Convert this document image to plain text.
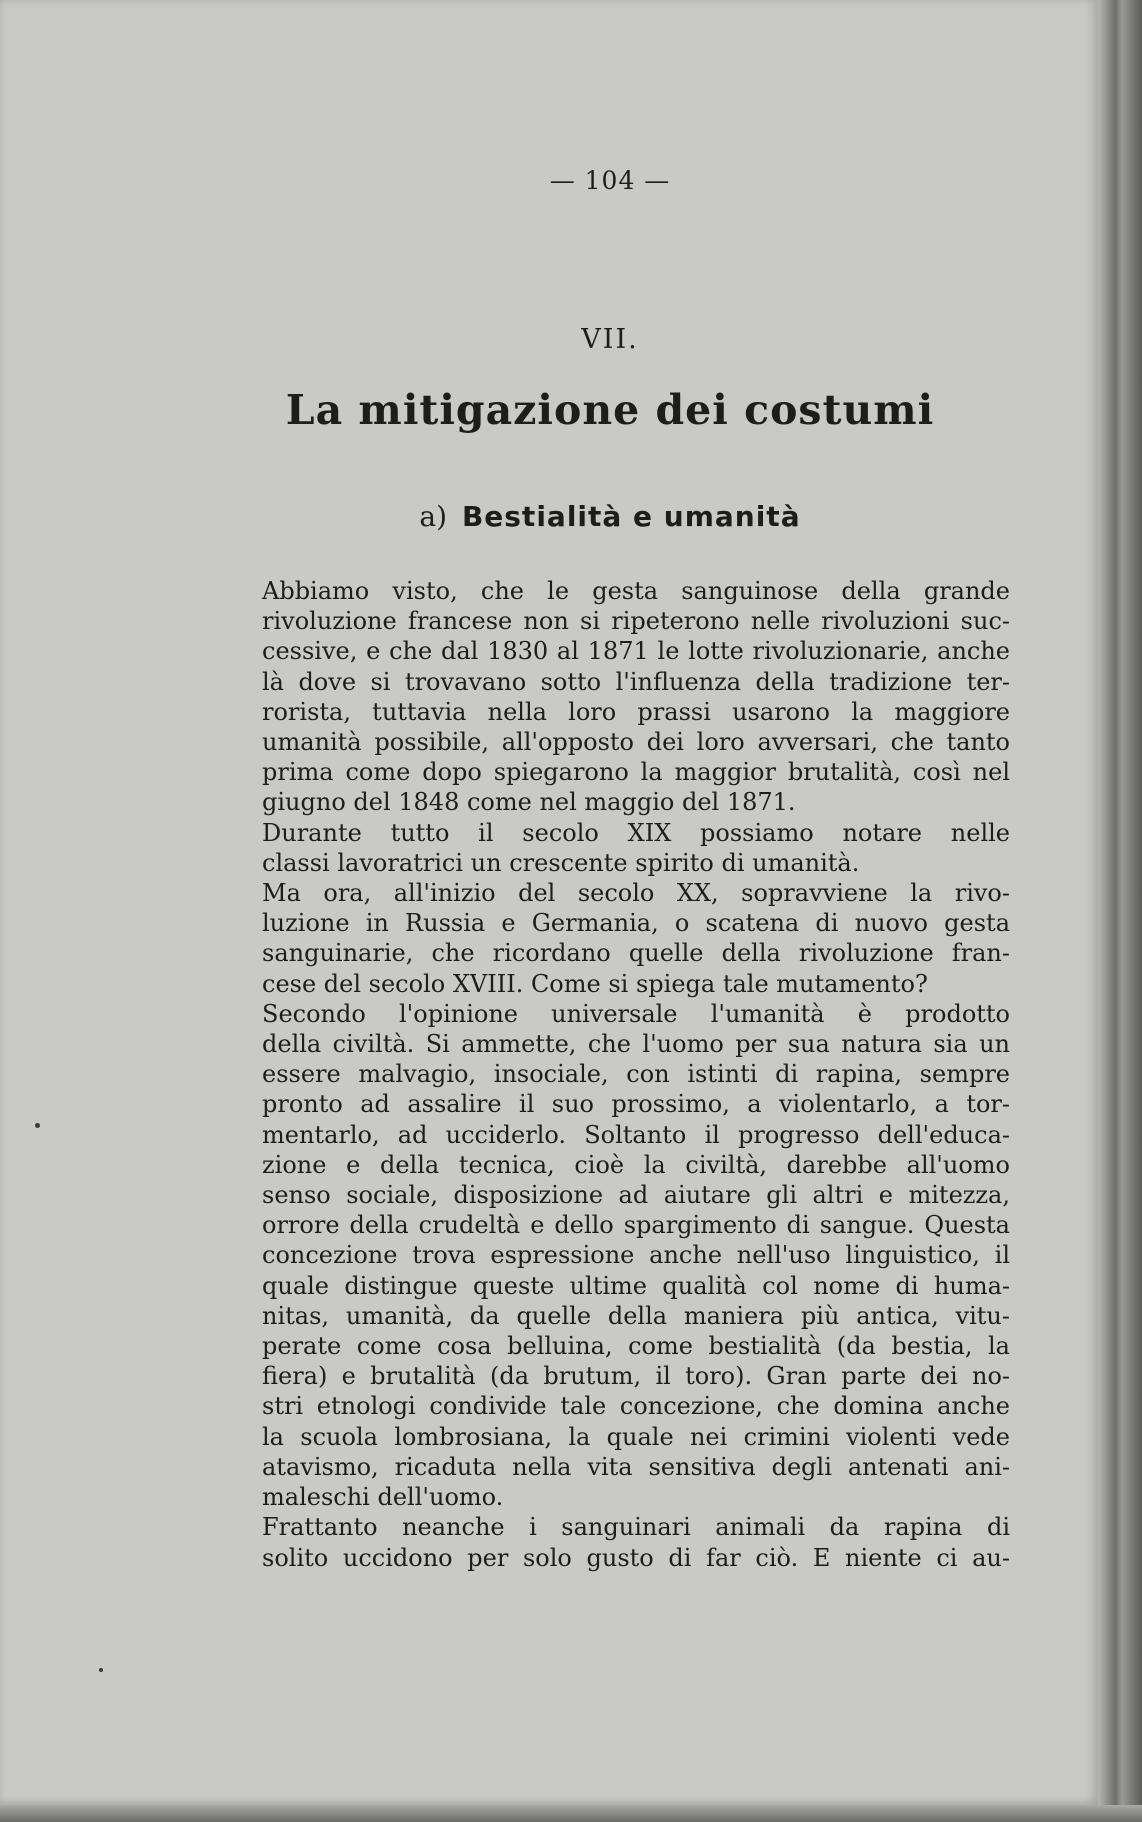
— 104 —
VII.
La mitigazione dei costumi
a) Bestialità e umanità

Abbiamo visto, che le gesta sanguinose della grande
rivoluzione francese non si ripeterono nelle rivoluzioni suc-
cessive, e che dal 1830 al 1871 le lotte rivoluzionarie, anche
là dove si trovavano sotto l'influenza della tradizione ter-
rorista, tuttavia nella loro prassi usarono la maggiore
umanità possibile, all'opposto dei loro avversari, che tanto
prima come dopo spiegarono la maggior brutalità, così nel
giugno del 1848 come nel maggio del 1871.

Durante tutto il secolo XIX possiamo notare nelle
classi lavoratrici un crescente spirito di umanità.

Ma ora, all'inizio del secolo XX, sopravviene la rivo-
luzione in Russia e Germania, o scatena di nuovo gesta
sanguinarie, che ricordano quelle della rivoluzione fran-
cese del secolo XVIII. Come si spiega tale mutamento?

Secondo l'opinione universale l'umanità è prodotto
della civiltà. Si ammette, che l'uomo per sua natura sia un
essere malvagio, insociale, con istinti di rapina, sempre
pronto ad assalire il suo prossimo, a violentarlo, a tor-
mentarlo, ad ucciderlo. Soltanto il progresso dell'educa-
zione e della tecnica, cioè la civiltà, darebbe all'uomo
senso sociale, disposizione ad aiutare gli altri e mitezza,
orrore della crudeltà e dello spargimento di sangue. Questa
concezione trova espressione anche nell'uso linguistico, il
quale distingue queste ultime qualità col nome di huma-
nitas, umanità, da quelle della maniera più antica, vitu-
perate come cosa belluina, come bestialità (da bestia, la
fiera) e brutalità (da brutum, il toro). Gran parte dei no-
stri etnologi condivide tale concezione, che domina anche
la scuola lombrosiana, la quale nei crimini violenti vede
atavismo, ricaduta nella vita sensitiva degli antenati ani-
maleschi dell'uomo.

Frattanto neanche i sanguinari animali da rapina di
solito uccidono per solo gusto di far ciò. E niente ci au-
